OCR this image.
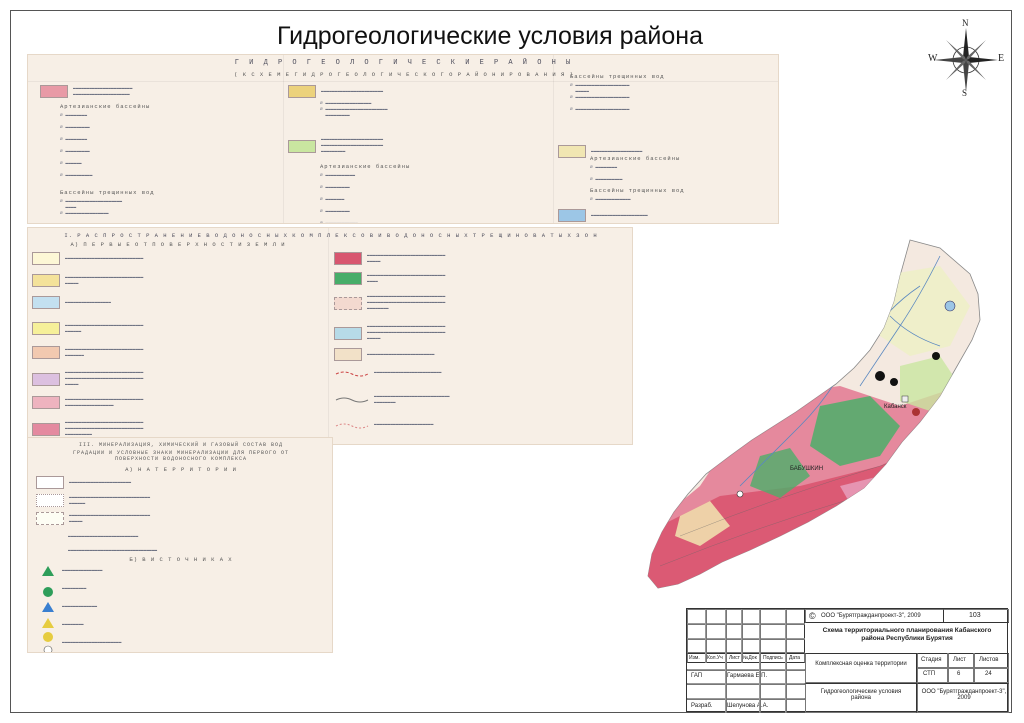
Гидрогеологические условия района	N
S
W	E
Г И Д Р О Г Е О Л О Г И Ч Е С К И Е Р А Й О Н Ы
( К С Х Е М Е Г И Д Р О Г Е О Л О Г И Ч Е С К О Г О Р А Й О Н И Р О В А Н И Я )
▬▬▬▬▬▬▬▬▬▬▬▬▬▬▬▬▬▬▬▬▬▬
▬▬▬▬▬▬▬▬▬▬▬▬▬▬▬▬▬▬▬▬▬
Артезианские бассейны
∅ ▬▬▬▬▬▬▬▬

∅ ▬▬▬▬▬▬▬▬▬

∅ ▬▬▬▬▬▬▬▬

∅ ▬▬▬▬▬▬▬▬▬

∅ ▬▬▬▬▬▬

∅ ▬▬▬▬▬▬▬▬▬▬
Бассейны трещинных вод
∅ ▬▬▬▬▬▬▬▬▬▬▬▬▬▬▬▬▬▬▬▬▬
▬▬▬▬
∅ ▬▬▬▬▬▬▬▬▬▬▬▬▬▬▬▬

▬▬▬▬▬▬▬▬▬▬▬▬▬▬▬▬▬▬▬▬▬▬▬
∅ ▬▬▬▬▬▬▬▬▬▬▬▬▬▬▬▬▬
∅ ▬▬▬▬▬▬▬▬▬▬▬▬▬▬▬▬▬▬▬▬▬▬▬
▬▬▬▬▬▬▬▬▬
▬▬▬▬▬▬▬▬▬▬▬▬▬▬▬▬▬▬▬▬▬▬▬
▬▬▬▬▬▬▬▬▬▬▬▬▬▬▬▬▬▬▬▬▬▬▬
▬▬▬▬▬▬▬▬▬
Артезианские бассейны
∅ ▬▬▬▬▬▬▬▬▬▬▬

∅ ▬▬▬▬▬▬▬▬▬

∅ ▬▬▬▬▬▬▬

∅ ▬▬▬▬▬▬▬▬▬

∅ ▬▬▬▬▬▬▬▬▬▬▬▬
Бассейны трещинных вод
∅ ▬▬▬▬▬▬▬▬▬▬▬▬▬▬▬▬▬▬▬▬
▬▬▬▬▬
∅ ▬▬▬▬▬▬▬▬▬▬▬▬▬▬▬▬▬▬▬▬

∅ ▬▬▬▬▬▬▬▬▬▬▬▬▬▬▬▬▬▬▬▬
▬▬▬▬▬▬▬▬▬▬▬▬▬▬▬▬▬▬▬
Артезианские бассейны
∅ ▬▬▬▬▬▬▬▬

∅ ▬▬▬▬▬▬▬▬▬▬
Бассейны трещинных вод
∅ ▬▬▬▬▬▬▬▬▬▬▬▬▬
▬▬▬▬▬▬▬▬▬▬▬▬▬▬▬▬▬▬▬▬▬
I. Р А С П Р О С Т Р А Н Е Н И Е В О Д О Н О С Н Ы Х К О М П Л Е К С О В И В О Д О Н О С Н Ы Х Т Р Е Щ И Н О В А Т Ы Х З О Н
А) П Е Р В Ы Е О Т П О В Е Р Х Н О С Т И З Е М Л И
▬▬▬▬▬▬▬▬▬▬▬▬▬▬▬▬▬▬▬▬▬▬▬▬▬▬▬▬▬
▬▬▬▬▬▬▬▬▬▬▬▬▬▬▬▬▬▬▬▬▬▬▬▬▬▬▬▬▬
▬▬▬▬▬
▬▬▬▬▬▬▬▬▬▬▬▬▬▬▬▬▬
▬▬▬▬▬▬▬▬▬▬▬▬▬▬▬▬▬▬▬▬▬▬▬▬▬▬▬▬▬
▬▬▬▬▬▬
▬▬▬▬▬▬▬▬▬▬▬▬▬▬▬▬▬▬▬▬▬▬▬▬▬▬▬▬▬
▬▬▬▬▬▬▬
▬▬▬▬▬▬▬▬▬▬▬▬▬▬▬▬▬▬▬▬▬▬▬▬▬▬▬▬▬
▬▬▬▬▬▬▬▬▬▬▬▬▬▬▬▬▬▬▬▬▬▬▬▬▬▬▬▬▬
▬▬▬▬▬
▬▬▬▬▬▬▬▬▬▬▬▬▬▬▬▬▬▬▬▬▬▬▬▬▬▬▬▬▬
▬▬▬▬▬▬▬▬▬▬▬▬▬▬▬▬▬▬
▬▬▬▬▬▬▬▬▬▬▬▬▬▬▬▬▬▬▬▬▬▬▬▬▬▬▬▬▬
▬▬▬▬▬▬▬▬▬▬▬▬▬▬▬▬▬▬▬▬▬▬▬▬▬▬▬▬▬
▬▬▬▬▬▬▬▬▬▬
▬▬▬▬▬▬▬▬▬▬▬▬▬▬▬▬▬▬▬▬▬▬▬▬▬▬▬▬▬
▬▬▬▬▬
▬▬▬▬▬▬▬▬▬▬▬▬▬▬▬▬▬▬▬▬▬▬▬▬▬▬▬▬▬
▬▬▬▬
▬▬▬▬▬▬▬▬▬▬▬▬▬▬▬▬▬▬▬▬▬▬▬▬▬▬▬▬▬
▬▬▬▬▬▬▬▬▬▬▬▬▬▬▬▬▬▬▬▬▬▬▬▬▬▬▬▬▬
▬▬▬▬▬▬▬▬
▬▬▬▬▬▬▬▬▬▬▬▬▬▬▬▬▬▬▬▬▬▬▬▬▬▬▬▬▬
▬▬▬▬▬▬▬▬▬▬▬▬▬▬▬▬▬▬▬▬▬▬▬▬▬▬▬▬▬
▬▬▬▬▬
▬▬▬▬▬▬▬▬▬▬▬▬▬▬▬▬▬▬▬▬▬▬▬▬▬
▬▬▬▬▬▬▬▬▬▬▬▬▬▬▬▬▬▬▬▬▬▬▬▬▬
▬▬▬▬▬▬▬▬▬▬▬▬▬▬▬▬▬▬▬▬▬▬▬▬▬▬▬▬
▬▬▬▬▬▬▬▬
▬▬▬▬▬▬▬▬▬▬▬▬▬▬▬▬▬▬▬▬▬▬
III. МИНЕРАЛИЗАЦИЯ, ХИМИЧЕСКИЙ И ГАЗОВЫЙ СОСТАВ ВОД
ГРАДАЦИИ И УСЛОВНЫЕ ЗНАКИ МИНЕРАЛИЗАЦИИ ДЛЯ ПЕРВОГО ОТ ПОВЕРХНОСТИ ВОДОНОСНОГО КОМПЛЕКСА
А) Н А Т Е Р Р И Т О Р И И
▬▬▬▬▬▬▬▬▬▬▬▬▬▬▬▬▬▬▬▬▬▬▬
▬▬▬▬▬▬▬▬▬▬▬▬▬▬▬▬▬▬▬▬▬▬▬▬▬▬▬▬▬▬
▬▬▬▬▬▬
▬▬▬▬▬▬▬▬▬▬▬▬▬▬▬▬▬▬▬▬▬▬▬▬▬▬▬▬▬▬
▬▬▬▬▬
▬▬▬▬▬▬▬▬▬▬▬▬▬▬▬▬▬▬▬▬▬▬▬▬▬▬
▬▬▬▬▬▬▬▬▬▬▬▬▬▬▬▬▬▬▬▬▬▬▬▬▬▬▬▬▬▬▬▬▬
Б) В И С Т О Ч Н И К А Х
▬▬▬▬▬▬▬▬▬▬▬▬▬▬▬

▬▬▬▬▬▬▬▬▬

▬▬▬▬▬▬▬▬▬▬▬▬▬

▬▬▬▬▬▬▬▬

▬▬▬▬▬▬▬▬▬▬▬▬▬▬▬▬▬▬▬▬▬▬

Кабанск
БАБУШКИН
© ООО "Бурятгражданпроект-3", 2009	103
Схема территориального планирования Кабанского района Республики Бурятия
Изм. Кол.Уч Лист №Док Подпись Дата
Комплексная оценка территории
Стадия
СТП
Лист
6
Листов
24
ГАП	Гармаева Е.П.
Разраб. Шелунова А.А.
Гидрогеологические условия района
ООО "Бурятгражданпроект-3", 2009
